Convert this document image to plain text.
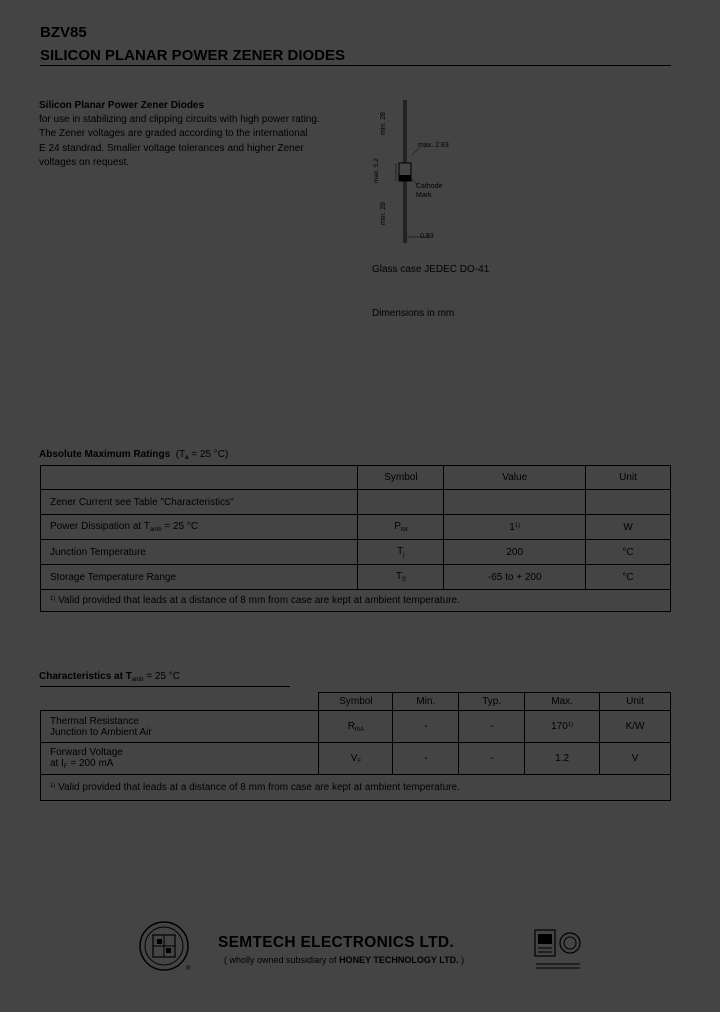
BZV85
SILICON PLANAR POWER ZENER DIODES
Silicon Planar Power Zener Diodes
for use in stabilizing and clipping circuits with high power rating.
The Zener voltages are graded according to the international
E 24 standrad. Smaller voltage tolerances and higher Zener
voltages on request.
min. 28
max. 2.83
max. 5.2
Cathode
Mark
min. 28
0.83
Glass case JEDEC DO-41
Dimensions in mm
Absolute Maximum Ratings ($T_a = 25$ °C)
	Symbol	Value	Unit
Zener Current see Table "Characteristics"			
Power Dissipation at $T_{amb} = 25$ °C	$P_{tot}$	1$^{1)}$	W
Junction Temperature	$T_j$	200	°C
Storage Temperature Range	$T_S$	-65 to + 200	°C
$^{1)}$ Valid provided that leads at a distance of 8 mm from case are kept at ambient temperature.			
Characteristics at $T_{amb} = 25$ °C
	Symbol	Min.	Typ.	Max.	Unit

Thermal Resistance
Junction to Ambient Air	$R_{thA}$	-	-	170$^{1)}$	K/W

Forward Voltage
at $I_F = 200$ mA	$V_F$	-	-	1.2	V
$^{1)}$ Valid provided that leads at a distance of 8 mm from case are kept at ambient temperature.					
®
SEMTECH ELECTRONICS LTD.
( wholly owned subsidiary of HONEY TECHNOLOGY LTD. )
